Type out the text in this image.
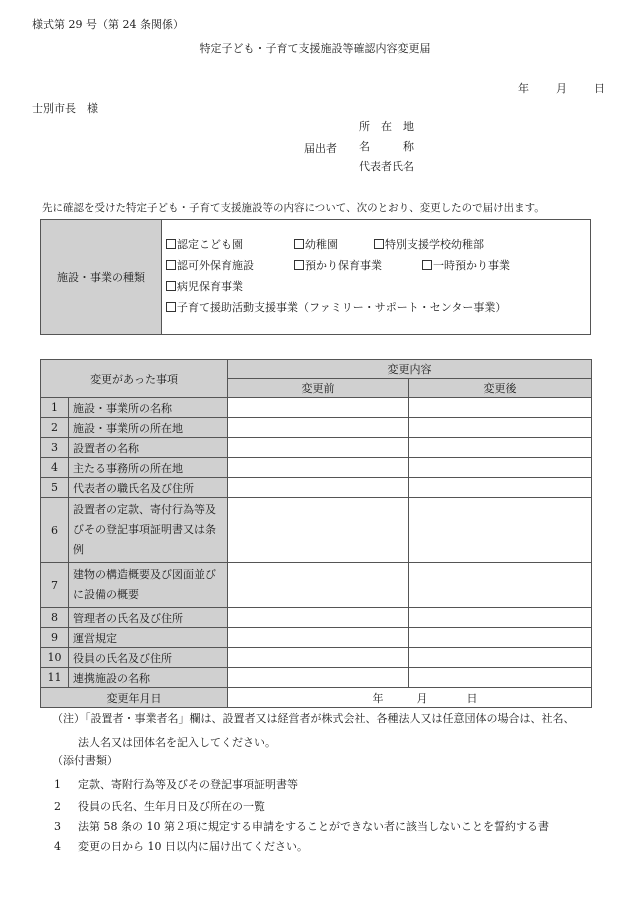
様式第 29 号（第 24 条関係）
特定子ども・子育て支援施設等確認内容変更届
年 月 日
士別市長　様
届出者
所　在　地
名　　　称
代表者氏名
先に確認を受けた特定子ども・子育て支援施設等の内容について、次のとおり、変更したので届け出ます。
施設・事業の種類
認定こども園	幼稚園	特別支援学校幼稚部
認可外保育施設	預かり保育事業	一時預かり事業
病児保育事業
子育て援助活動支援事業（ファミリー・サポート・センター事業）
変更があった事項		変更内容	
		変更前	変更後
1	施設・事業所の名称		
2	施設・事業所の所在地		
3	設置者の名称		
4	主たる事務所の所在地		
5	代表者の職氏名及び住所		
6	設置者の定款、寄付行為等及びその登記事項証明書又は条例		
7	建物の構造概要及び図面並びに設備の概要		
8	管理者の氏名及び住所		
9	運営規定		
10	役員の氏名及び住所		
11	連携施設の名称		
変更年月日		年 月 日	
（注）「設置者・事業者名」欄は、設置者又は経営者が株式会社、各種法人又は任意団体の場合は、社名、
法人名又は団体名を記入してください。
（添付書類）
1 定款、寄附行為等及びその登記事項証明書等
2 役員の氏名、生年月日及び所在の一覧
3 法第 58 条の 10 第２項に規定する申請をすることができない者に該当しないことを誓約する書
4 変更の日から 10 日以内に届け出てください。
